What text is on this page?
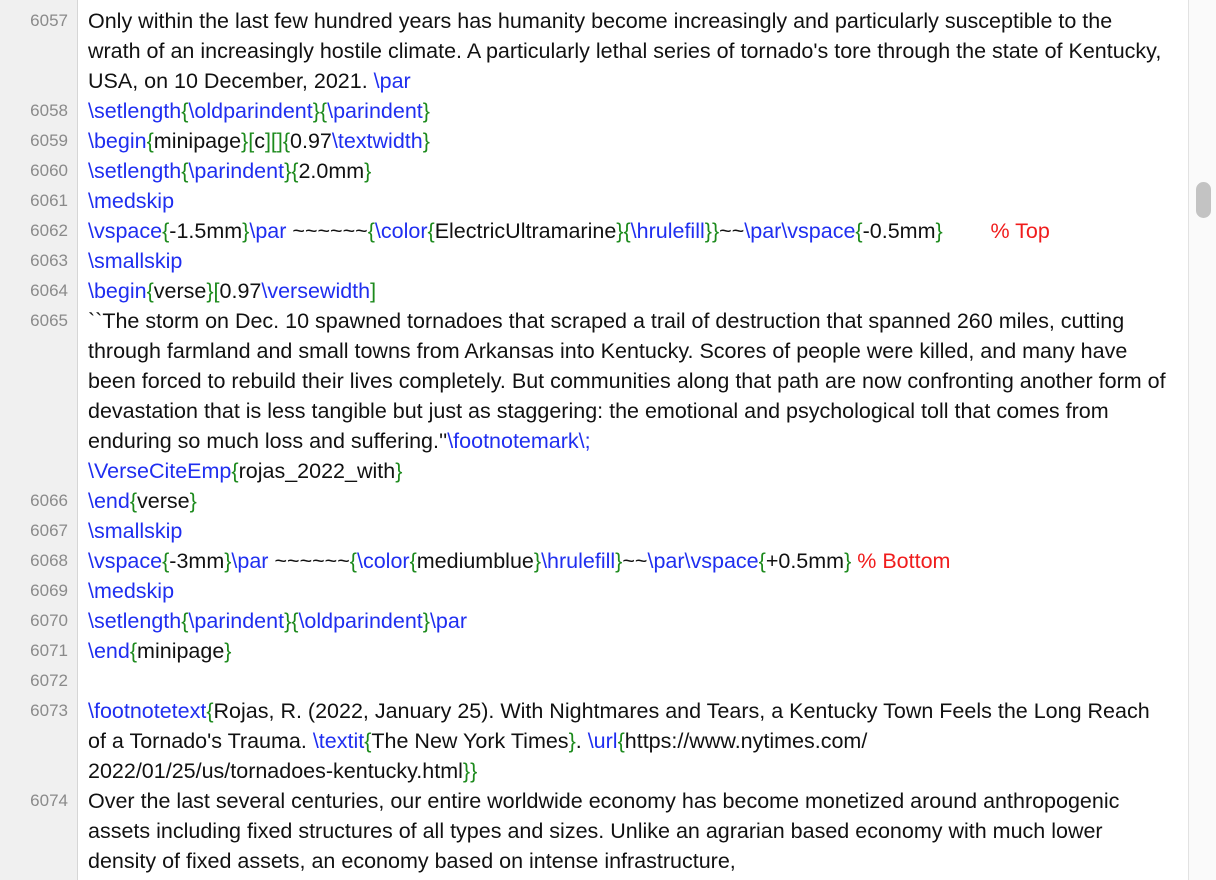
6057 Only within the last few hundred years has humanity become increasingly and particularly susceptible to the wrath of an increasingly hostile climate. A particularly lethal series of tornado's tore through the state of Kentucky, USA, on 10 December, 2021. \par
6058 \setlength{\oldparindent}{\parindent}
6059 \begin{minipage}[c][]{0.97\textwidth}
6060 \setlength{\parindent}{2.0mm}
6061 \medskip
6062 \vspace{-1.5mm}\par ~~~~~~{\color{ElectricUltramarine}{\hrulefill}}~~\par\vspace{-0.5mm} % Top
6063 \smallskip
6064 \begin{verse}[0.97\versewidth]
6065 ``The storm on Dec. 10 spawned tornadoes that scraped a trail of destruction that spanned 260 miles, cutting through farmland and small towns from Arkansas into Kentucky. Scores of people were killed, and many have been forced to rebuild their lives completely. But communities along that path are now confronting another form of devastation that is less tangible but just as staggering: the emotional and psychological toll that comes from enduring so much loss and suffering.''\footnotemark\;
\VerseCiteEmp{rojas_2022_with}
6066 \end{verse}
6067 \smallskip
6068 \vspace{-3mm}\par ~~~~~~{\color{mediumblue}\hrulefill}~~\par\vspace{+0.5mm} % Bottom
6069 \medskip
6070 \setlength{\parindent}{\oldparindent}\par
6071 \end{minipage}
6072

6073 \footnotetext{Rojas, R. (2022, January 25). With Nightmares and Tears, a Kentucky Town Feels the Long Reach of a Tornado's Trauma. \textit{The New York Times}. \url{https://www.nytimes.com/
2022/01/25/us/tornadoes-kentucky.html}}
6074 Over the last several centuries, our entire worldwide economy has become monetized around anthropogenic assets including fixed structures of all types and sizes. Unlike an agrarian based economy with much lower density of fixed assets, an economy based on intense infrastructure,
